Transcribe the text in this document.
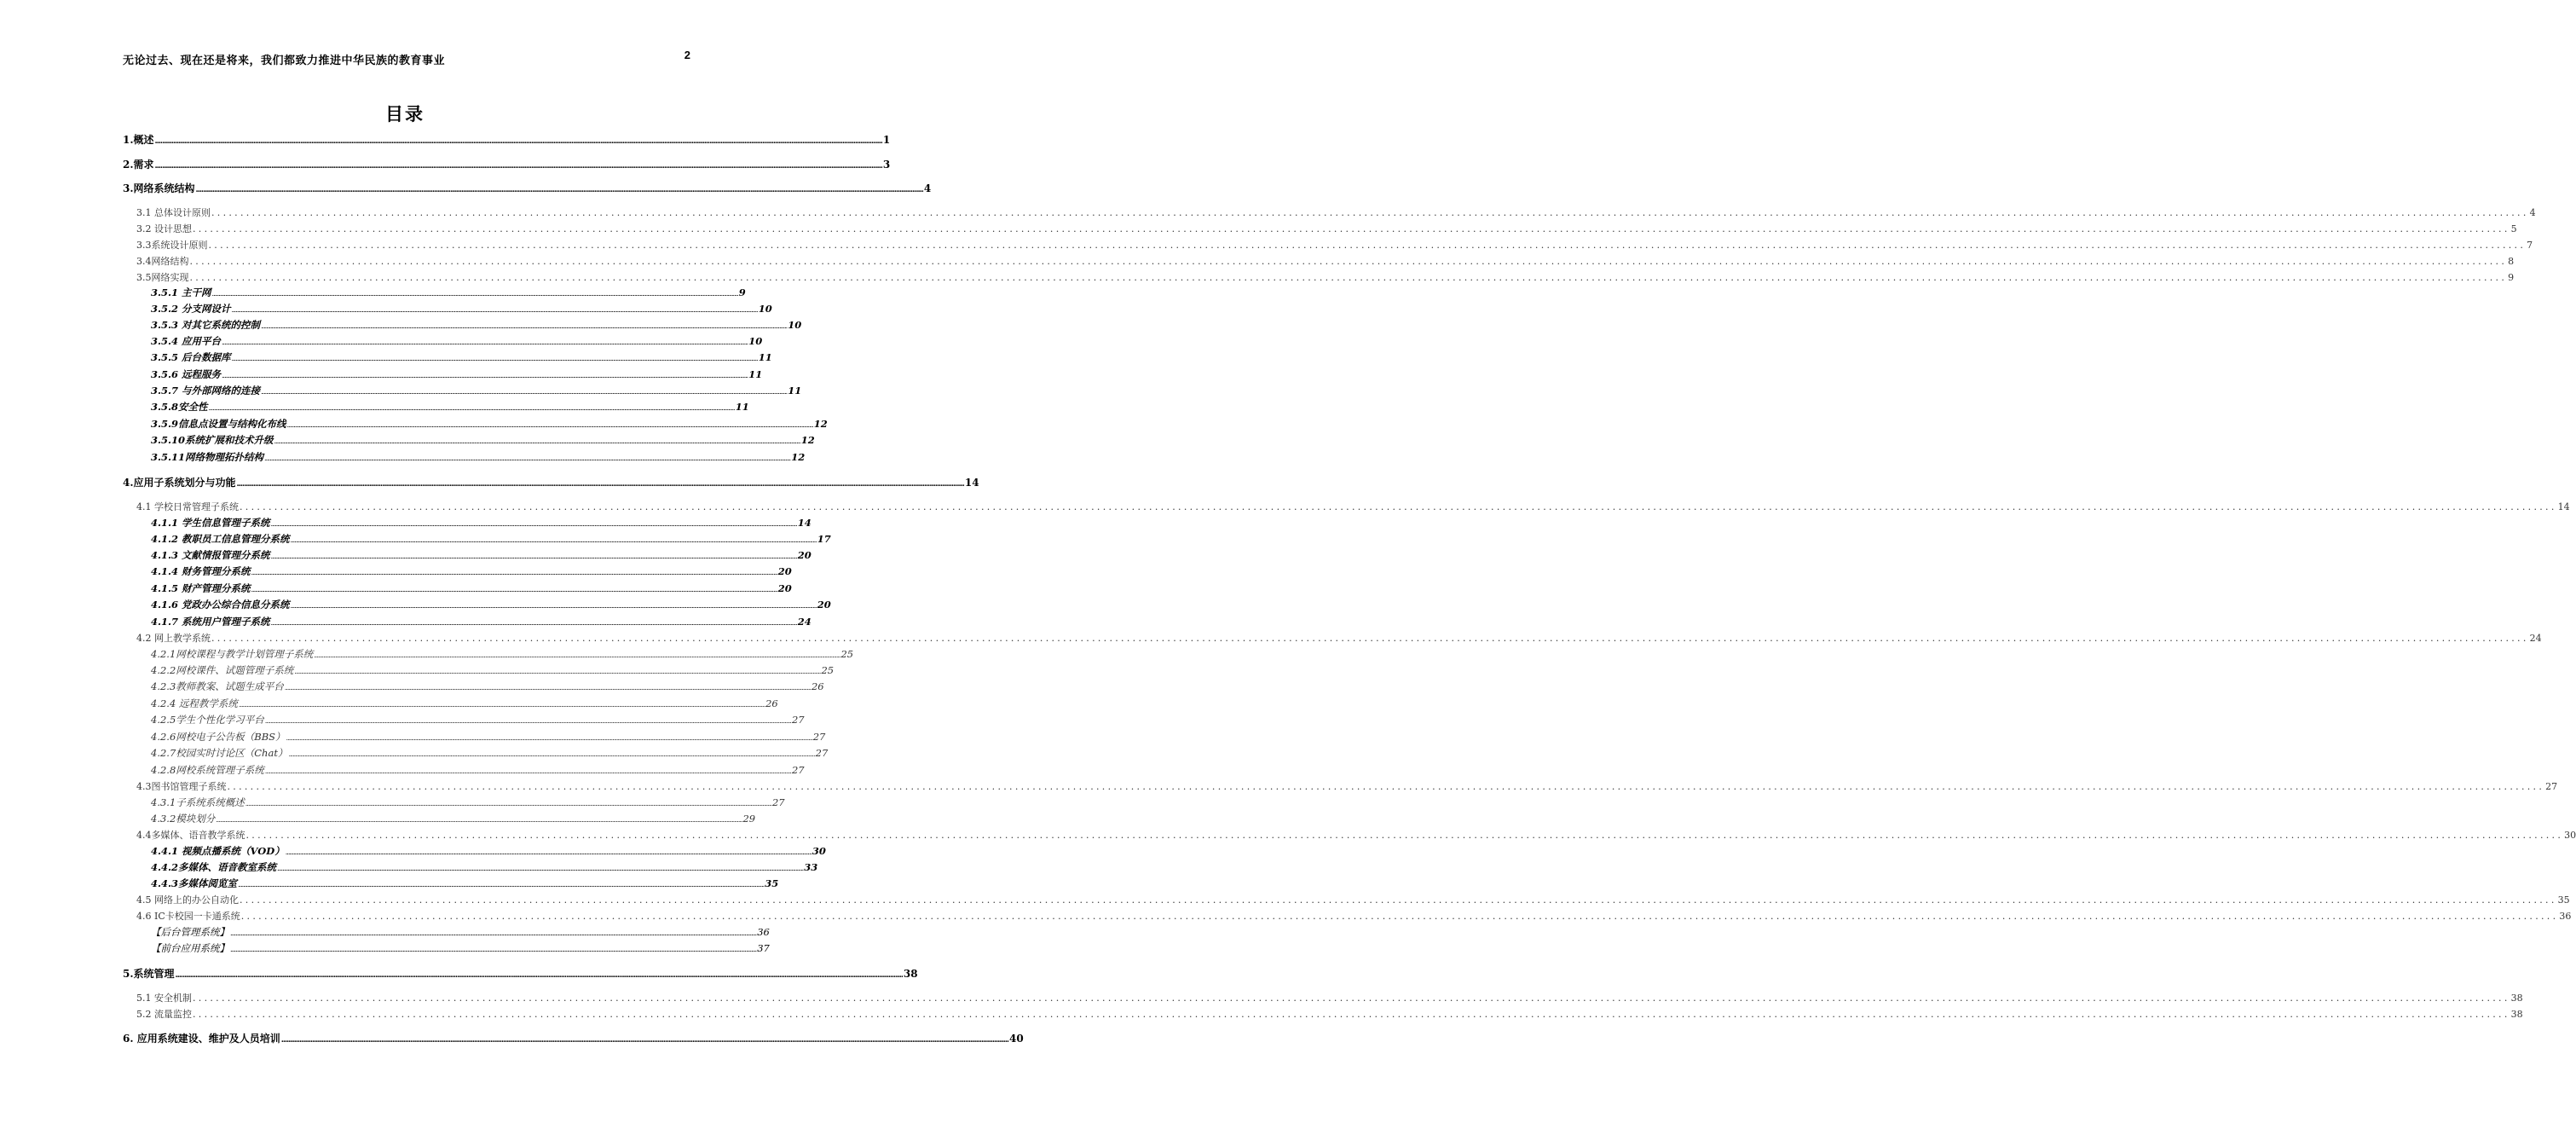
无论过去、现在还是将来，我们都致力推进中华民族的教育事业	2
目录
1.概述 ................................................................................................................................................................................................................................................................................................................................................................................................................ 1
2.需求 ................................................................................................................................................................................................................................................................................................................................................................................................................ 3
3.网络系统结构 ................................................................................................................................................................................................................................................................................................................................................................................................................ 4
3.1 总体设计原则 ................................................................................................................................................................................................................................................................................................................................................................................................................ 4
3.2 设计思想 ................................................................................................................................................................................................................................................................................................................................................................................................................ 5
3.3系统设计原则 ................................................................................................................................................................................................................................................................................................................................................................................................................ 7
3.4网络结构 ................................................................................................................................................................................................................................................................................................................................................................................................................ 8
3.5网络实现 ................................................................................................................................................................................................................................................................................................................................................................................................................ 9
3.5.1 主干网 ................................................................................................................................................................................................................................................................................................................................................................................................................ 9
3.5.2 分支网设计 ................................................................................................................................................................................................................................................................................................................................................................................................................ 10
3.5.3 对其它系统的控制 ................................................................................................................................................................................................................................................................................................................................................................................................................ 10
3.5.4 应用平台 ................................................................................................................................................................................................................................................................................................................................................................................................................ 10
3.5.5 后台数据库 ................................................................................................................................................................................................................................................................................................................................................................................................................ 11
3.5.6 远程服务 ................................................................................................................................................................................................................................................................................................................................................................................................................ 11
3.5.7 与外部网络的连接 ................................................................................................................................................................................................................................................................................................................................................................................................................ 11
3.5.8安全性 ................................................................................................................................................................................................................................................................................................................................................................................................................ 11
3.5.9信息点设置与结构化布线 ................................................................................................................................................................................................................................................................................................................................................................................................................ 12
3.5.10系统扩展和技术升级 ................................................................................................................................................................................................................................................................................................................................................................................................................ 12
3.5.11网络物理拓扑结构 ................................................................................................................................................................................................................................................................................................................................................................................................................ 12
4.应用子系统划分与功能 ................................................................................................................................................................................................................................................................................................................................................................................................................ 14
4.1 学校日常管理子系统 ................................................................................................................................................................................................................................................................................................................................................................................................................ 14
4.1.1 学生信息管理子系统 ................................................................................................................................................................................................................................................................................................................................................................................................................ 14
4.1.2 教职员工信息管理分系统 ................................................................................................................................................................................................................................................................................................................................................................................................................ 17
4.1.3 文献情报管理分系统 ................................................................................................................................................................................................................................................................................................................................................................................................................ 20
4.1.4 财务管理分系统 ................................................................................................................................................................................................................................................................................................................................................................................................................ 20
4.1.5 财产管理分系统 ................................................................................................................................................................................................................................................................................................................................................................................................................ 20
4.1.6 党政办公综合信息分系统 ................................................................................................................................................................................................................................................................................................................................................................................................................ 20
4.1.7 系统用户管理子系统 ................................................................................................................................................................................................................................................................................................................................................................................................................ 24
4.2 网上教学系统 ................................................................................................................................................................................................................................................................................................................................................................................................................ 24
4.2.1网校课程与教学计划管理子系统 ................................................................................................................................................................................................................................................................................................................................................................................................................ 25
4.2.2网校课件、试题管理子系统 ................................................................................................................................................................................................................................................................................................................................................................................................................ 25
4.2.3教师教案、试题生成平台 ................................................................................................................................................................................................................................................................................................................................................................................................................ 26
4.2.4 远程教学系统 ................................................................................................................................................................................................................................................................................................................................................................................................................ 26
4.2.5学生个性化学习平台 ................................................................................................................................................................................................................................................................................................................................................................................................................ 27
4.2.6网校电子公告板（BBS） ................................................................................................................................................................................................................................................................................................................................................................................................................ 27
4.2.7校园实时讨论区（Chat） ................................................................................................................................................................................................................................................................................................................................................................................................................ 27
4.2.8网校系统管理子系统 ................................................................................................................................................................................................................................................................................................................................................................................................................ 27
4.3图书馆管理子系统 ................................................................................................................................................................................................................................................................................................................................................................................................................ 27
4.3.1子系统系统概述 ................................................................................................................................................................................................................................................................................................................................................................................................................ 27
4.3.2模块划分 ................................................................................................................................................................................................................................................................................................................................................................................................................ 29
4.4多媒体、语音教学系统 ................................................................................................................................................................................................................................................................................................................................................................................................................ 30
4.4.1 视频点播系统（VOD） ................................................................................................................................................................................................................................................................................................................................................................................................................ 30
4.4.2多媒体、语音教室系统 ................................................................................................................................................................................................................................................................................................................................................................................................................ 33
4.4.3多媒体阅览室 ................................................................................................................................................................................................................................................................................................................................................................................................................ 35
4.5 网络上的办公自动化 ................................................................................................................................................................................................................................................................................................................................................................................................................ 35
4.6 IC卡校园一卡通系统 ................................................................................................................................................................................................................................................................................................................................................................................................................ 36
【后台管理系统】 ................................................................................................................................................................................................................................................................................................................................................................................................................ 36
【前台应用系统】 ................................................................................................................................................................................................................................................................................................................................................................................................................ 37
5.系统管理 ................................................................................................................................................................................................................................................................................................................................................................................................................ 38
5.1 安全机制 ................................................................................................................................................................................................................................................................................................................................................................................................................ 38
5.2 流量监控 ................................................................................................................................................................................................................................................................................................................................................................................................................ 38
6. 应用系统建设、维护及人员培训 ................................................................................................................................................................................................................................................................................................................................................................................................................ 40
